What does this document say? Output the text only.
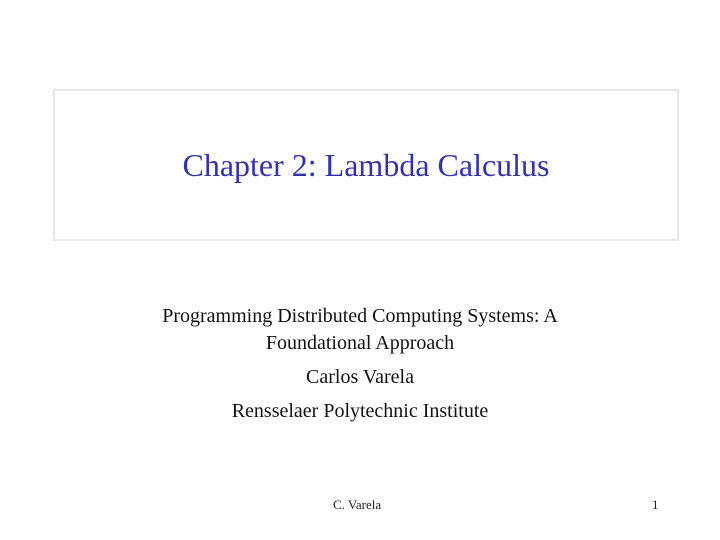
Chapter 2: Lambda Calculus
Programming Distributed Computing Systems: A
Foundational Approach
Carlos Varela
Rensselaer Polytechnic Institute
C. Varela	1
